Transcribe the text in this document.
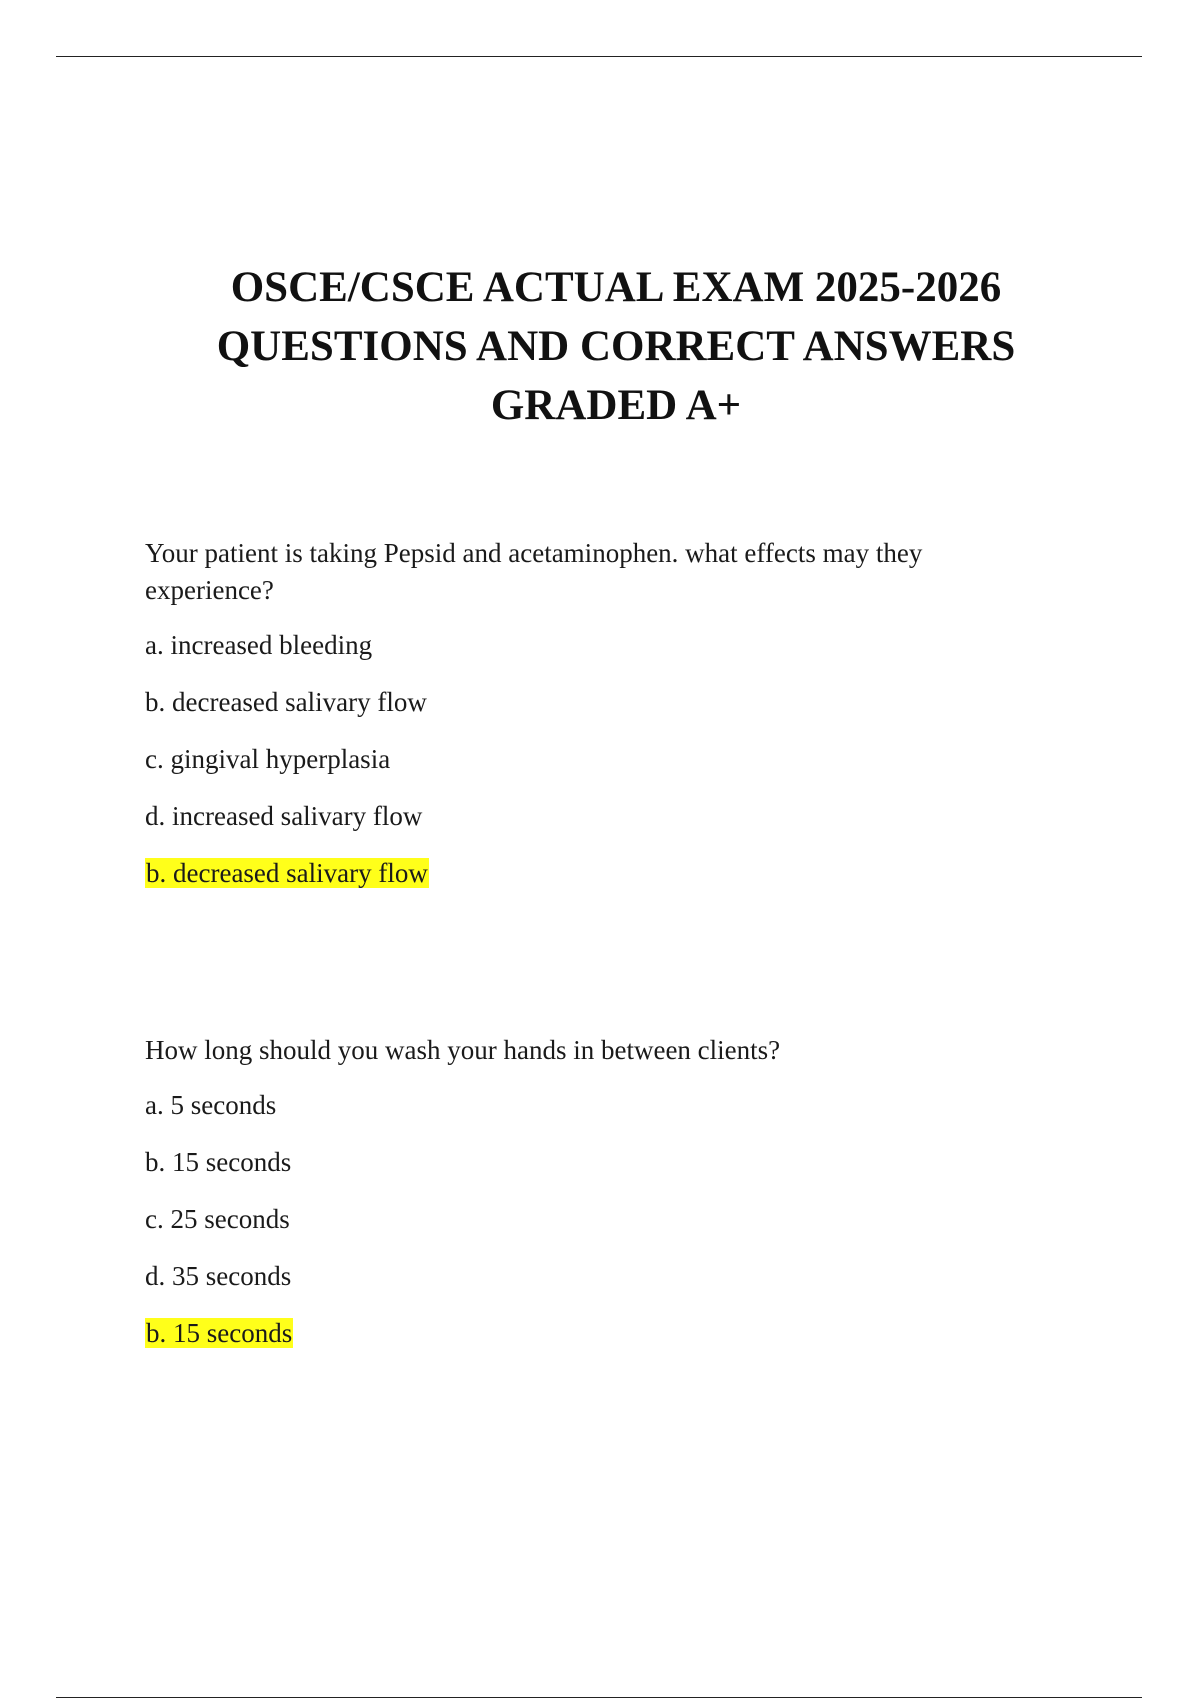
OSCE/CSCE ACTUAL EXAM 2025-2026
QUESTIONS AND CORRECT ANSWERS
GRADED A+

Your patient is taking Pepsid and acetaminophen. what effects may they experience?

a. increased bleeding

b. decreased salivary flow

c. gingival hyperplasia

d. increased salivary flow

b. decreased salivary flow

How long should you wash your hands in between clients?

a. 5 seconds

b. 15 seconds

c. 25 seconds

d. 35 seconds

b. 15 seconds
